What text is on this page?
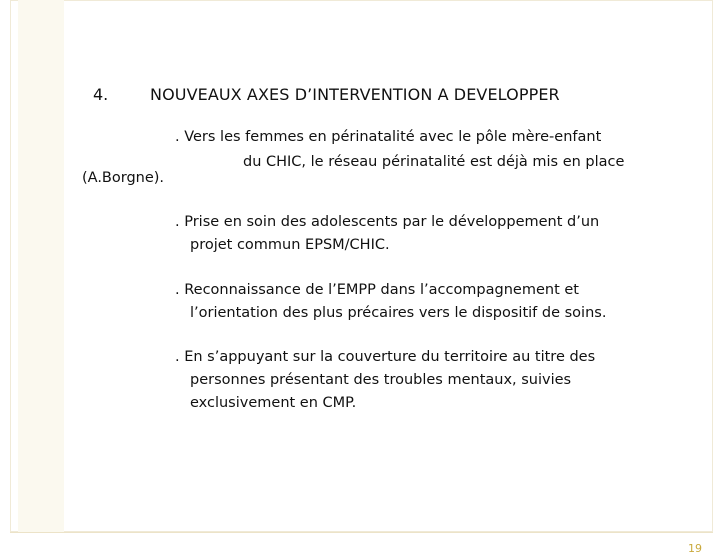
4.	NOUVEAUX AXES D’INTERVENTION A DEVELOPPER

. Vers les femmes en périnatalité avec le pôle mère-enfant

du CHIC, le réseau périnatalité est déjà mis en place

(A.Borgne).

. Prise en soin des adolescents par le développement d’un

projet commun EPSM/CHIC.

. Reconnaissance de l’EMPP dans l’accompagnement et

l’orientation des plus précaires vers le dispositif de soins.

. En s’appuyant sur la couverture du territoire au titre des

personnes présentant des troubles mentaux, suivies

exclusivement en CMP.

19
